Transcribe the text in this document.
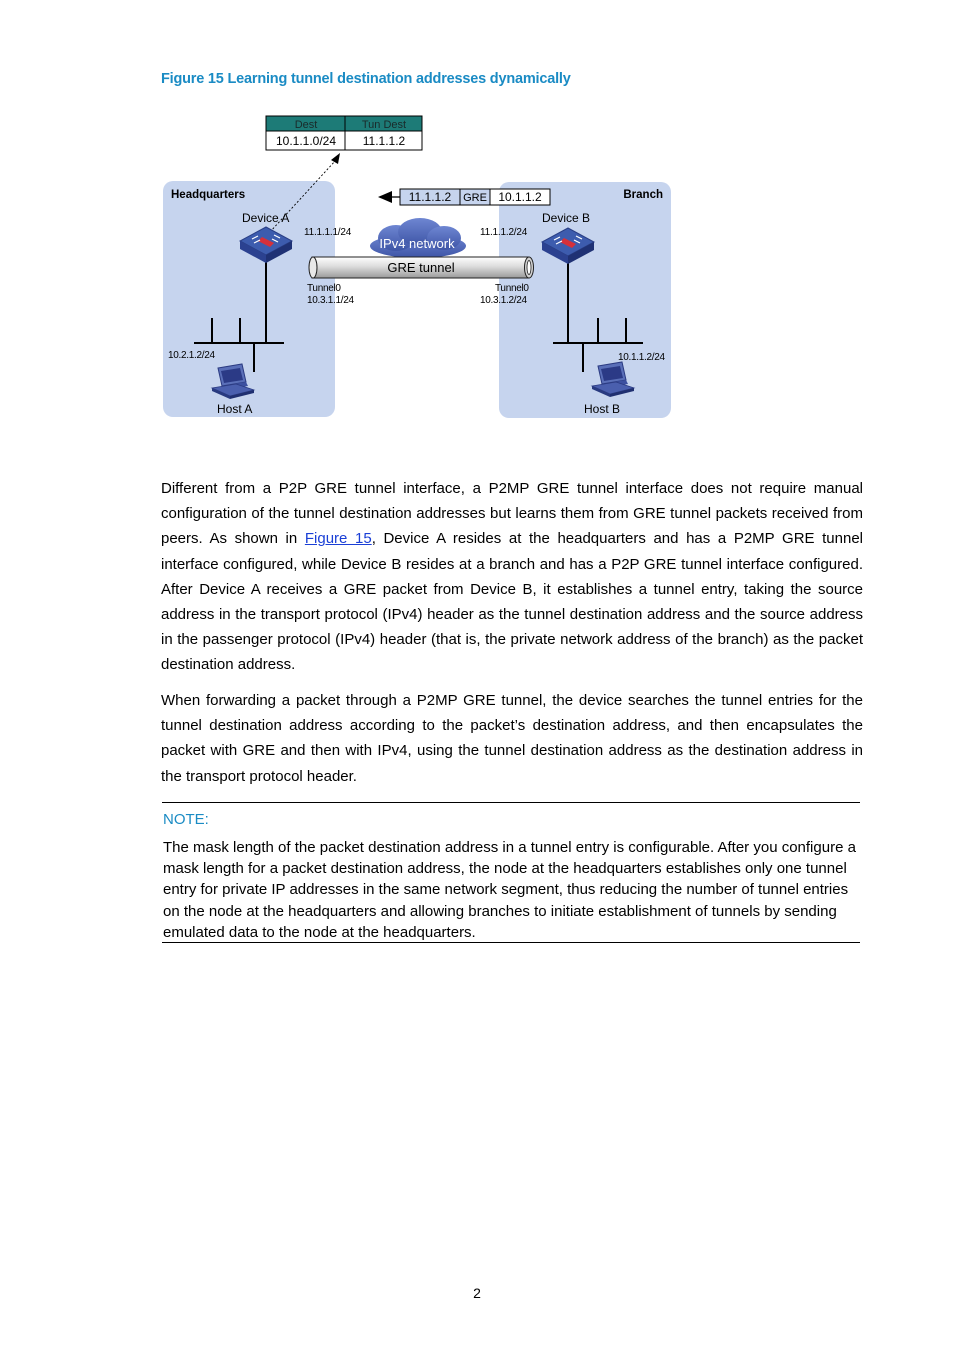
Figure 15 Learning tunnel destination addresses dynamically
Dest	Tun Dest
10.1.1.0/24 11.1.1.2
11.1.1.2 GRE 10.1.1.2
Headquarters	Branch
IPv4 network
GRE tunnel
Device A	Device B
11.1.1.1/24	11.1.1.2/24
Tunnel0
10.3.1.1/24
Tunnel0
10.3.1.2/24
10.2.1.2/24	10.1.1.2/24
Host A	Host B

Different from a P2P GRE tunnel interface, a P2MP GRE tunnel interface does not require manual configuration of the tunnel destination addresses but learns them from GRE tunnel packets received from peers. As shown in Figure 15, Device A resides at the headquarters and has a P2MP GRE tunnel interface configured, while Device B resides at a branch and has a P2P GRE tunnel interface configured. After Device A receives a GRE packet from Device B, it establishes a tunnel entry, taking the source address in the transport protocol (IPv4) header as the tunnel destination address and the source address in the passenger protocol (IPv4) header (that is, the private network address of the branch) as the packet destination address.

When forwarding a packet through a P2MP GRE tunnel, the device searches the tunnel entries for the tunnel destination address according to the packet’s destination address, and then encapsulates the packet with GRE and then with IPv4, using the tunnel destination address as the destination address in the transport protocol header.

NOTE:

The mask length of the packet destination address in a tunnel entry is configurable. After you configure a mask length for a packet destination address, the node at the headquarters establishes only one tunnel entry for private IP addresses in the same network segment, thus reducing the number of tunnel entries on the node at the headquarters and allowing branches to initiate establishment of tunnels by sending emulated data to the node at the headquarters.

2
